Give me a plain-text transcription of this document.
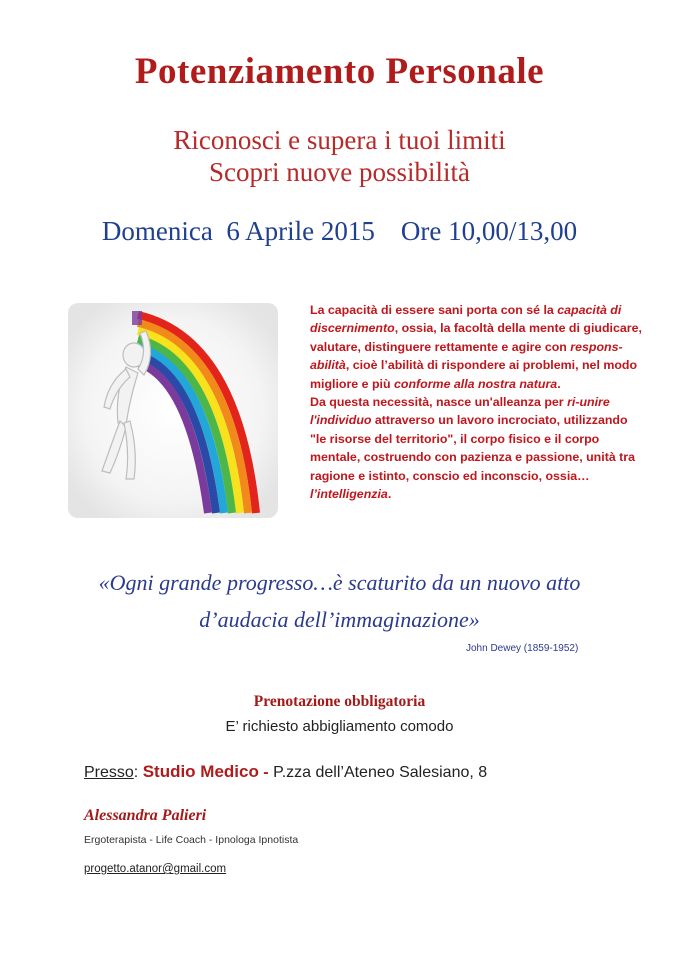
Potenziamento Personale
Riconosci e supera i tuoi limiti
Scopri nuove possibilità
Domenica  6 Aprile 2015 Ore 10,00/13,00
La capacità di essere sani porta con sé la capacità di discernimento, ossia, la facoltà della mente di giudicare, valutare, distinguere rettamente e agire con respons-abilità, cioè l’abilità di rispondere ai problemi, nel modo migliore e più conforme alla nostra natura.
Da questa necessità, nasce un'alleanza per ri-unire l'individuo attraverso un lavoro incrociato, utilizzando "le risorse del territorio", il corpo fisico e il corpo mentale, costruendo con pazienza e passione, unità tra ragione e istinto, conscio ed inconscio, ossia…l’intelligenzia.
«Ogni grande progresso…è scaturito da un nuovo atto
d’audacia dell’immaginazione»
John Dewey (1859-1952)
Prenotazione obbligatoria
E’ richiesto abbigliamento comodo
Presso: Studio Medico - P.zza dell’Ateneo Salesiano, 8
Alessandra Palieri
Ergoterapista - Life Coach - Ipnologa Ipnotista
progetto.atanor@gmail.com
